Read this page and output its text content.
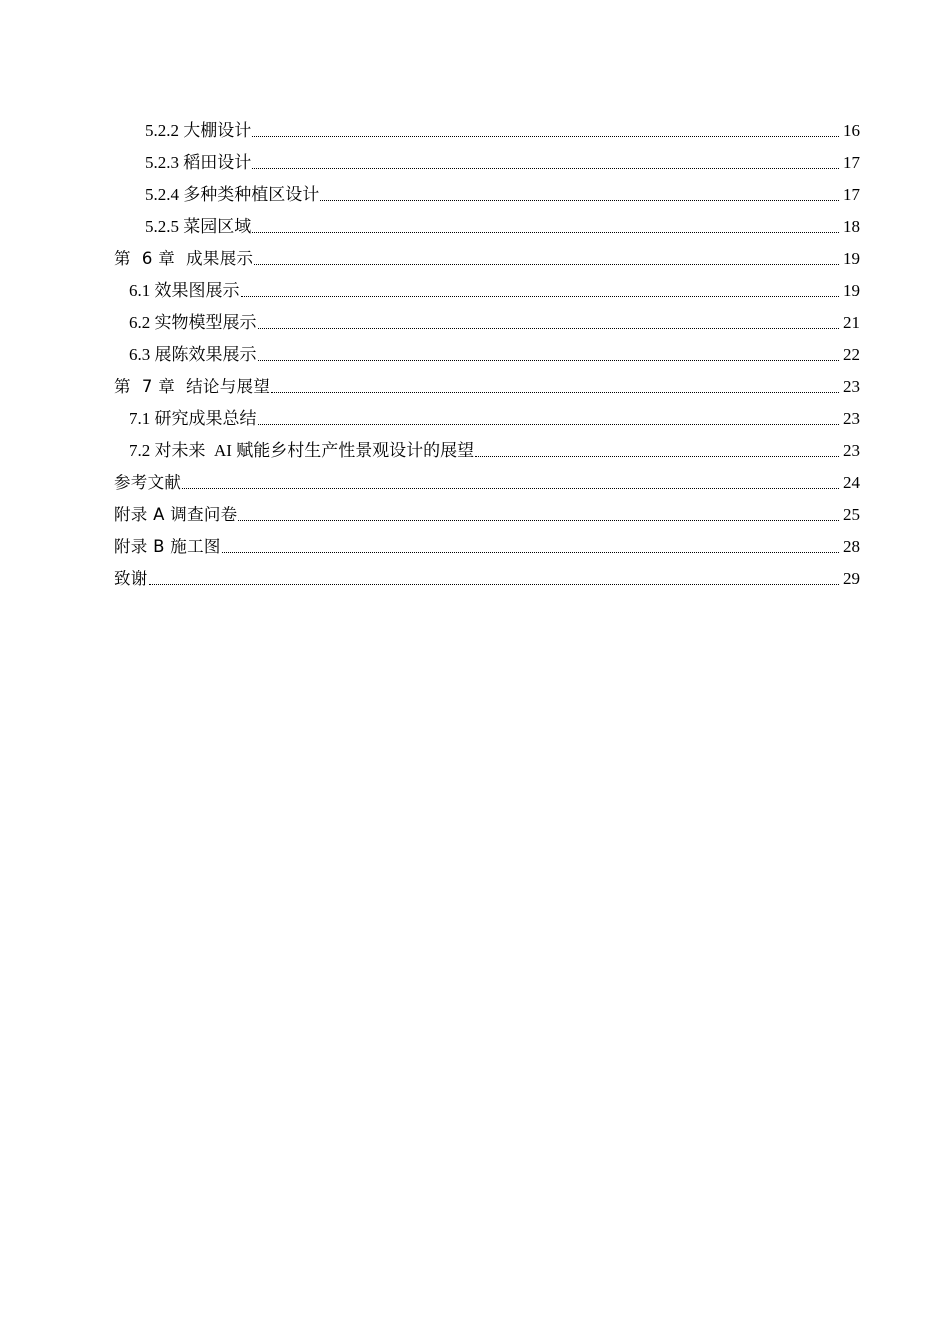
5.2.2 大棚设计	16
5.2.3 稻田设计	17
5.2.4 多种类种植区设计	17
5.2.5 菜园区域	18
第  6 章  成果展示	19
6.1 效果图展示	19
6.2 实物模型展示	21
6.3 展陈效果展示	22
第  7 章  结论与展望	23
7.1 研究成果总结	23
7.2 对未来  AI 赋能乡村生产性景观设计的展望	23
参考文献	24
附录 A 调查问卷	25
附录 B 施工图	28
致谢	29
